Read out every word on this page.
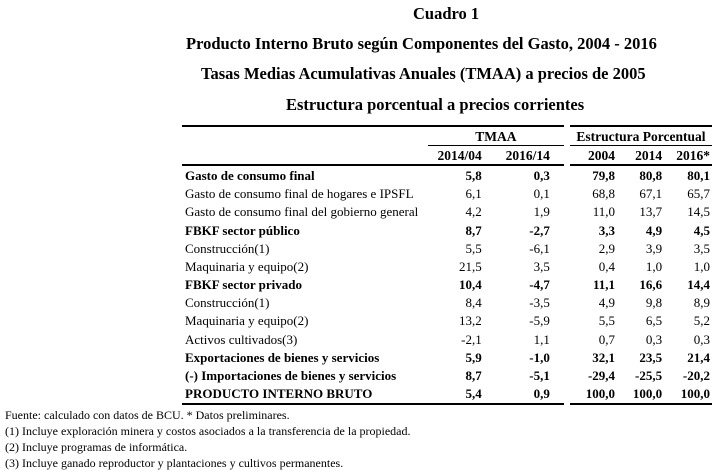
Cuadro 1
Producto Interno Bruto según Componentes del Gasto, 2004 - 2016
Tasas Medias Acumulativas Anuales (TMAA) a precios de 2005
Estructura porcentual a precios corrientes
	TMAA		Estructura Porcentual		
	2014/04	2016/14	2004	2014	2016*
Gasto de consumo final	5,8	0,3	79,8	80,8	80,1
Gasto de consumo final de hogares e IPSFL	6,1	0,1	68,8	67,1	65,7
Gasto de consumo final del gobierno general	4,2	1,9	11,0	13,7	14,5
FBKF sector público	8,7	-2,7	3,3	4,9	4,5
Construcción(1)	5,5	-6,1	2,9	3,9	3,5
Maquinaria y equipo(2)	21,5	3,5	0,4	1,0	1,0
FBKF sector privado	10,4	-4,7	11,1	16,6	14,4
Construcción(1)	8,4	-3,5	4,9	9,8	8,9
Maquinaria y equipo(2)	13,2	-5,9	5,5	6,5	5,2
Activos cultivados(3)	-2,1	1,1	0,7	0,3	0,3
Exportaciones de bienes y servicios	5,9	-1,0	32,1	23,5	21,4
(-) Importaciones de bienes y servicios	8,7	-5,1	-29,4	-25,5	-20,2
PRODUCTO INTERNO BRUTO	5,4	0,9	100,0	100,0	100,0
Fuente: calculado con datos de BCU. * Datos preliminares.
(1) Incluye exploración minera y costos asociados a la transferencia de la propiedad.
(2) Incluye programas de informática.
(3) Incluye ganado reproductor y plantaciones y cultivos permanentes.
